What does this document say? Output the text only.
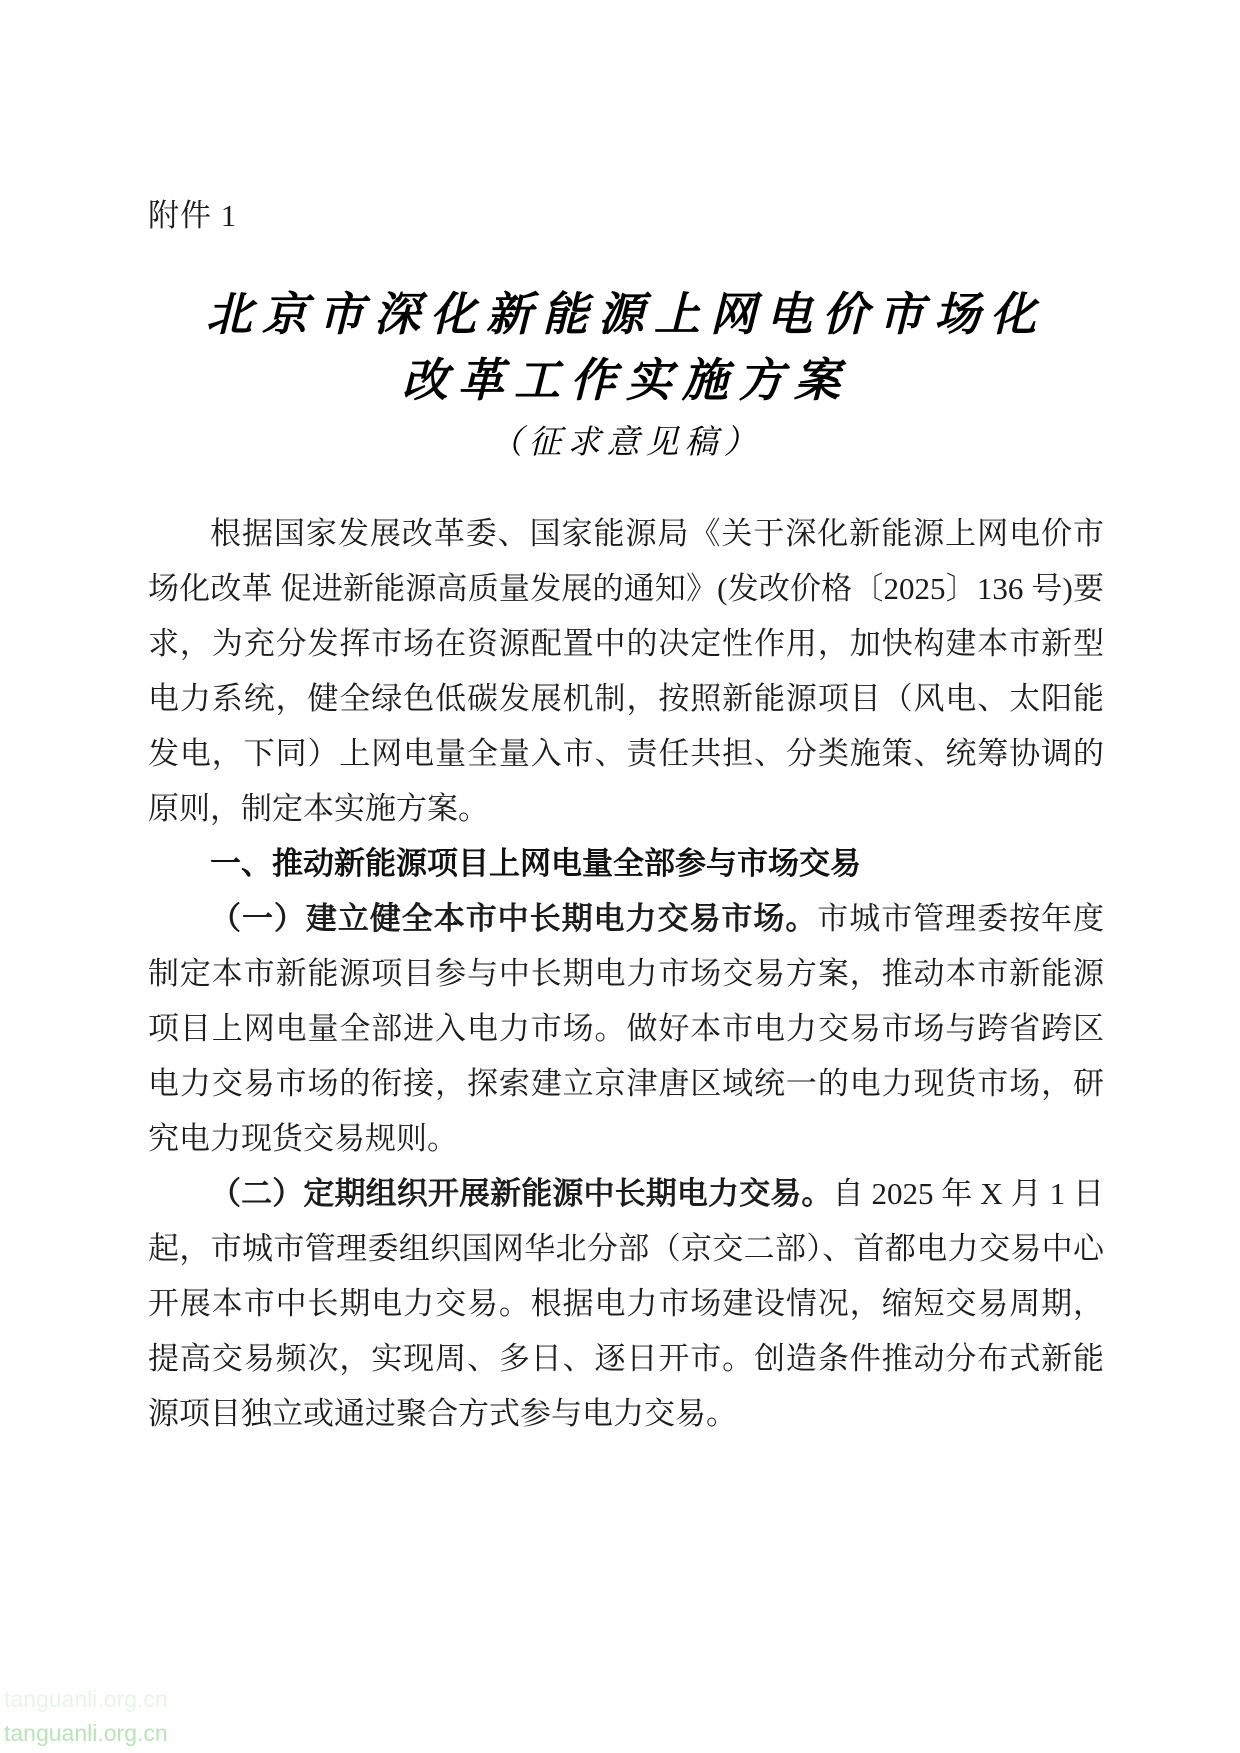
附件 1
北京市深化新能源上网电价市场化
改革工作实施方案
（征求意见稿）

根据国家发展改革委、国家能源局《关于深化新能源上网电价市场化改革 促进新能源高质量发展的通知》(发改价格〔2025〕136 号)要求，为充分发挥市场在资源配置中的决定性作用，加快构建本市新型电力系统，健全绿色低碳发展机制，按照新能源项目（风电、太阳能发电，下同）上网电量全量入市、责任共担、分类施策、统筹协调的原则，制定本实施方案。

一、推动新能源项目上网电量全部参与市场交易

（一）建立健全本市中长期电力交易市场。市城市管理委按年度制定本市新能源项目参与中长期电力市场交易方案，推动本市新能源项目上网电量全部进入电力市场。做好本市电力交易市场与跨省跨区电力交易市场的衔接，探索建立京津唐区域统一的电力现货市场，研究电力现货交易规则。

（二）定期组织开展新能源中长期电力交易。自 2025 年 X 月 1 日起，市城市管理委组织国网华北分部（京交二部）、首都电力交易中心开展本市中长期电力交易。根据电力市场建设情况，缩短交易周期，提高交易频次，实现周、多日、逐日开市。创造条件推动分布式新能源项目独立或通过聚合方式参与电力交易。

tanguanli.org.cn
tanguanli.org.cn
